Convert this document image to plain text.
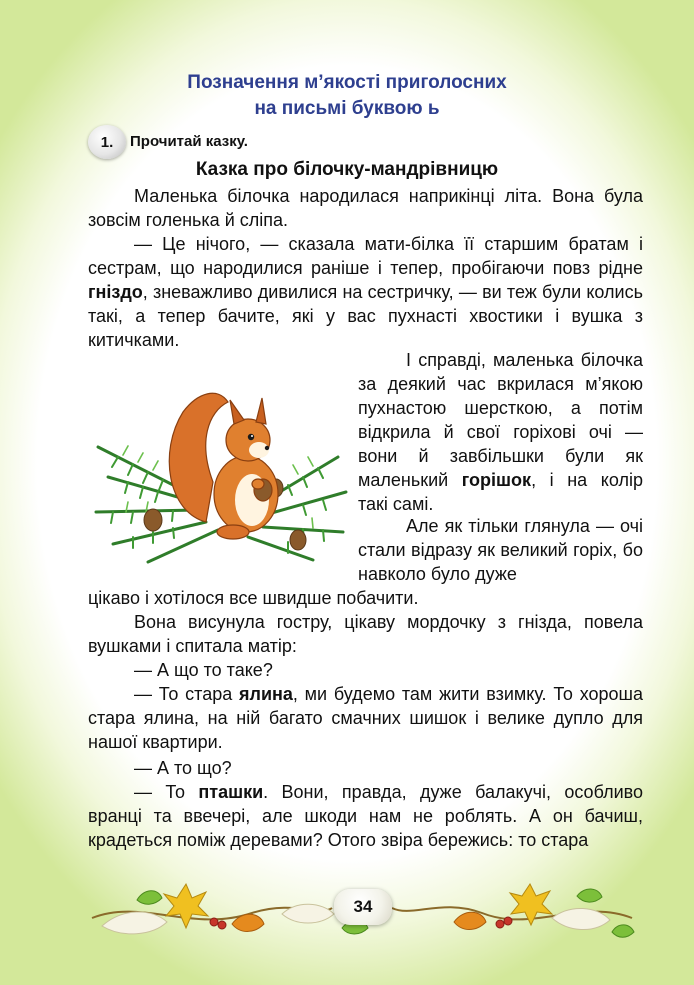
Позначення м’якості приголосних
на письмі буквою ь
1.	Прочитай казку.
Казка про білочку-мандрівницю

Маленька білочка народилася наприкінці літа. Вона була зовсім голенька й сліпа.

— Це нічого, — сказала мати-білка її старшим братам і сестрам, що народилися раніше і тепер, пробігаючи повз рідне гніздо, зневажливо дивилися на сестричку, — ви теж були колись такі, а тепер бачите, які у вас пухнасті хвостики і вушка з китичками.

І справді, маленька білочка за деякий час вкрилася м’якою пухнастою шерсткою, а потім відкрила й свої горіхові очі — вони й завбільшки були як маленький горішок, і на колір такі самі.

Але як тільки глянула — очі стали відразу як великий горіх, бо навколо було дуже

цікаво і хотілося все швидше побачити.

Вона висунула гостру, цікаву мордочку з гнізда, повела вушками і спитала матір:

— А що то таке?

— То стара ялина, ми будемо там жити взимку. То хороша стара ялина, на ній багато смачних шишок і велике дупло для нашої квартири.

— А то що?

— То пташки. Вони, правда, дуже балакучі, особливо вранці та ввечері, але шкоди нам не роблять. А он бачиш, крадеться поміж деревами? Отого звіра бережись: то стара

34
